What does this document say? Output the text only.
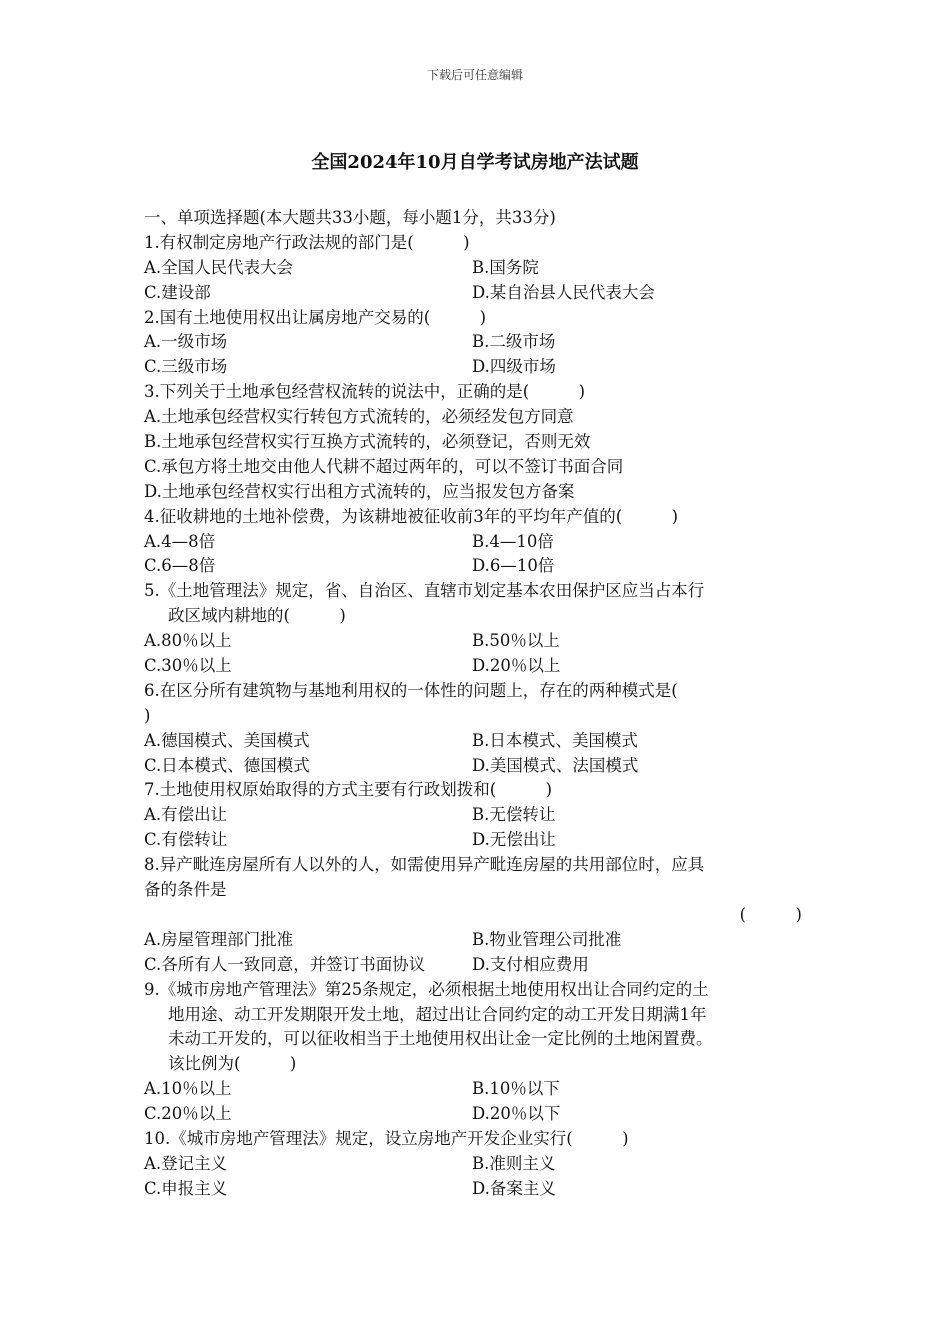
下载后可任意编辑
全国2024年10月自学考试房地产法试题
一、单项选择题(本大题共33小题，每小题1分，共33分)
1.有权制定房地产行政法规的部门是(　　　)
A.全国人民代表大会	B.国务院
C.建设部	D.某自治县人民代表大会
2.国有土地使用权出让属房地产交易的(　　　)
A.一级市场	B.二级市场
C.三级市场	D.四级市场
3.下列关于土地承包经营权流转的说法中，正确的是(　　　)
A.土地承包经营权实行转包方式流转的，必须经发包方同意
B.土地承包经营权实行互换方式流转的，必须登记，否则无效
C.承包方将土地交由他人代耕不超过两年的，可以不签订书面合同
D.土地承包经营权实行出租方式流转的，应当报发包方备案
4.征收耕地的土地补偿费，为该耕地被征收前3年的平均年产值的(　　　)
A.4—8倍	B.4—10倍
C.6—8倍	D.6—10倍
5.《土地管理法》规定，省、自治区、直辖市划定基本农田保护区应当占本行
政区域内耕地的(　　　)
A.80％以上	B.50％以上
C.30％以上	D.20％以上
6.在区分所有建筑物与基地利用权的一体性的问题上，存在的两种模式是(
)
A.德国模式、美国模式	B.日本模式、美国模式
C.日本模式、德国模式	D.美国模式、法国模式
7.土地使用权原始取得的方式主要有行政划拨和(　　　)
A.有偿出让	B.无偿转让
C.有偿转让	D.无偿出让
8.异产毗连房屋所有人以外的人，如需使用异产毗连房屋的共用部位时，应具
备的条件是
(　　　)
A.房屋管理部门批准	B.物业管理公司批准
C.各所有人一致同意，并签订书面协议	D.支付相应费用
9.《城市房地产管理法》第25条规定，必须根据土地使用权出让合同约定的土
地用途、动工开发期限开发土地，超过出让合同约定的动工开发日期满1年
未动工开发的，可以征收相当于土地使用权出让金一定比例的土地闲置费。
该比例为(　　　)
A.10％以上	B.10％以下
C.20％以上	D.20％以下
10.《城市房地产管理法》规定，设立房地产开发企业实行(　　　)
A.登记主义	B.准则主义
C.申报主义	D.备案主义
